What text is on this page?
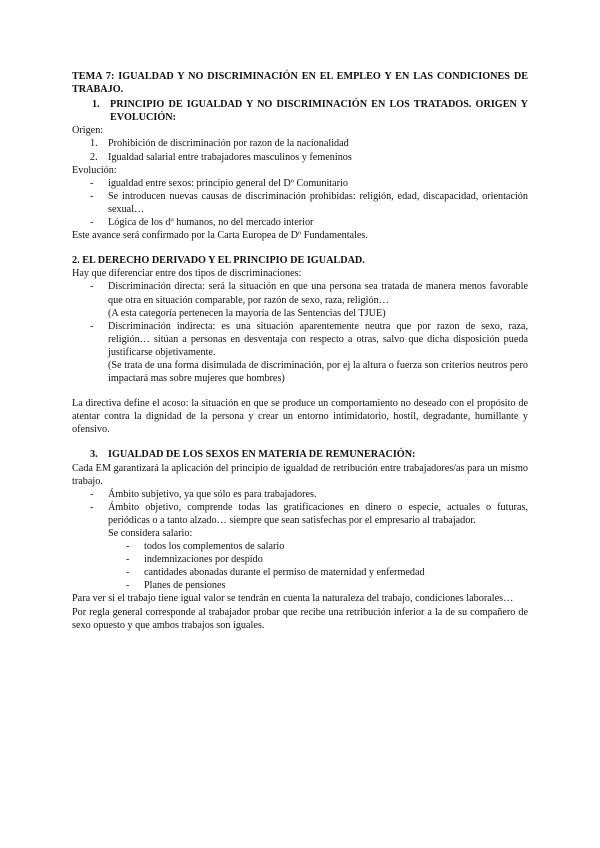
TEMA 7: IGUALDAD Y NO DISCRIMINACIÓN EN EL EMPLEO Y EN LAS CONDICIONES DE TRABAJO.
1. PRINCIPIO DE IGUALDAD Y NO DISCRIMINACIÓN EN LOS TRATADOS. ORIGEN Y EVOLUCIÓN:
Origen:
1. Prohibición de discriminación por razon de la nacionalidad
2. Igualdad salarial entre trabajadores masculinos y femeninos
Evolución:
- igualdad entre sexos: principio general del Dº Comunitario
- Se introducen nuevas causas de discriminación prohibidas: religión, edad, discapacidad, orientación sexual…
- Lógica de los dº humanos, no del mercado interior
Este avance será confirmado por la Carta Europea de Dº Fundamentales.
2. EL DERECHO DERIVADO Y EL PRINCIPIO DE IGUALDAD.
Hay que diferenciar entre dos tipos de discriminaciones:
- Discriminación directa: será la situación en que una persona sea tratada de manera menos favorable que otra en situación comparable, por razón de sexo, raza, religión…
(A esta categoría pertenecen la mayoría de las Sentencias del TJUE)
- Discriminación indirecta: es una situación aparentemente neutra que por razon de sexo, raza, religión… sitúan a personas en desventaja con respecto a otras, salvo que dicha disposición pueda justificarse objetivamente.
(Se trata de una forma disimulada de discriminación, por ej la altura o fuerza son criterios neutros pero impactará mas sobre mujeres que hombres)
La directiva define el acoso: la situación en que se produce un comportamiento no deseado con el propósito de atentar contra la dignidad de la persona y crear un entorno intimidatorio, hostil, degradante, humillante y ofensivo.
3. IGUALDAD DE LOS SEXOS EN MATERIA DE REMUNERACIÓN:
Cada EM garantizará la aplicación del principio de igualdad de retribución entre trabajadores/as para un mismo trabajo.
- Ámbito subjetivo, ya que sólo es para trabajadores.
- Ámbito objetivo, comprende todas las gratificaciones en dinero o especie, actuales o futuras, periódicas o a tanto alzado… siempre que sean satisfechas por el empresario al trabajador.
Se considera salario:
- todos los complementos de salario
- indemnizaciones por despido
- cantidades abonadas durante el permiso de maternidad y enfermedad
- Planes de pensiones
Para ver si el trabajo tiene igual valor se tendrán en cuenta la naturaleza del trabajo, condiciones laborales…
Por regla general corresponde al trabajador probar que recibe una retribución inferior a la de su compañero de sexo opuesto y que ambos trabajos son iguales.
